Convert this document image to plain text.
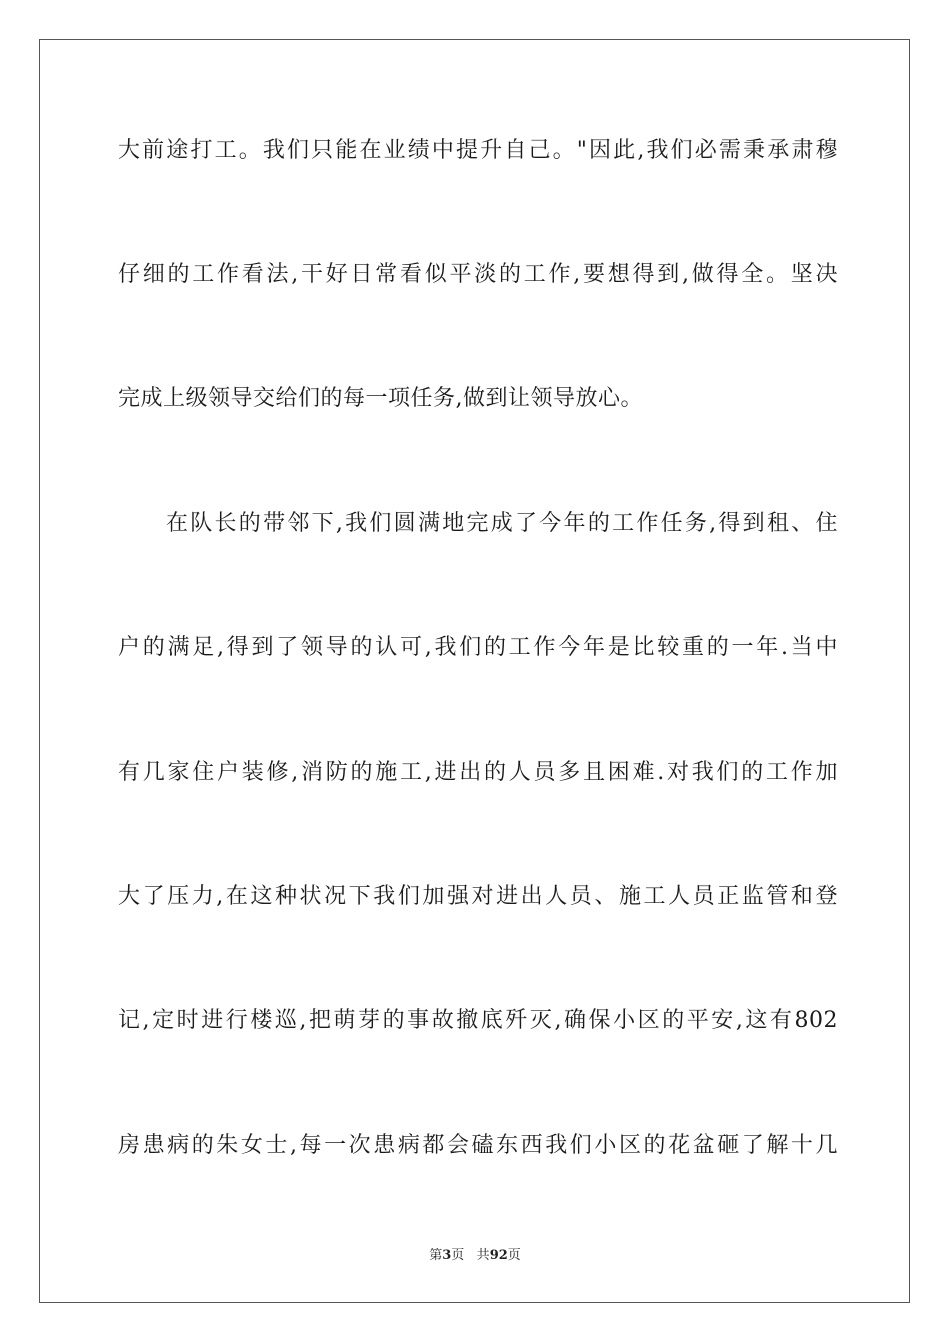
大前途打工。我们只能在业绩中提升自己。"因此,我们必需秉承肃穆
仔细的工作看法,干好日常看似平淡的工作,要想得到,做得全。坚决
完成上级领导交给们的每一项任务,做到让领导放心。
在队长的带邻下,我们圆满地完成了今年的工作任务,得到租、住
户的满足,得到了领导的认可,我们的工作今年是比较重的一年.当中
有几家住户装修,消防的施工,进出的人员多且困难.对我们的工作加
大了压力,在这种状况下我们加强对进出人员、施工人员正监管和登
记,定时进行楼巡,把萌芽的事故撤底歼灭,确保小区的平安,这有802
房患病的朱女士,每一次患病都会磕东西我们小区的花盆砸了解十几
第3页 共92页
